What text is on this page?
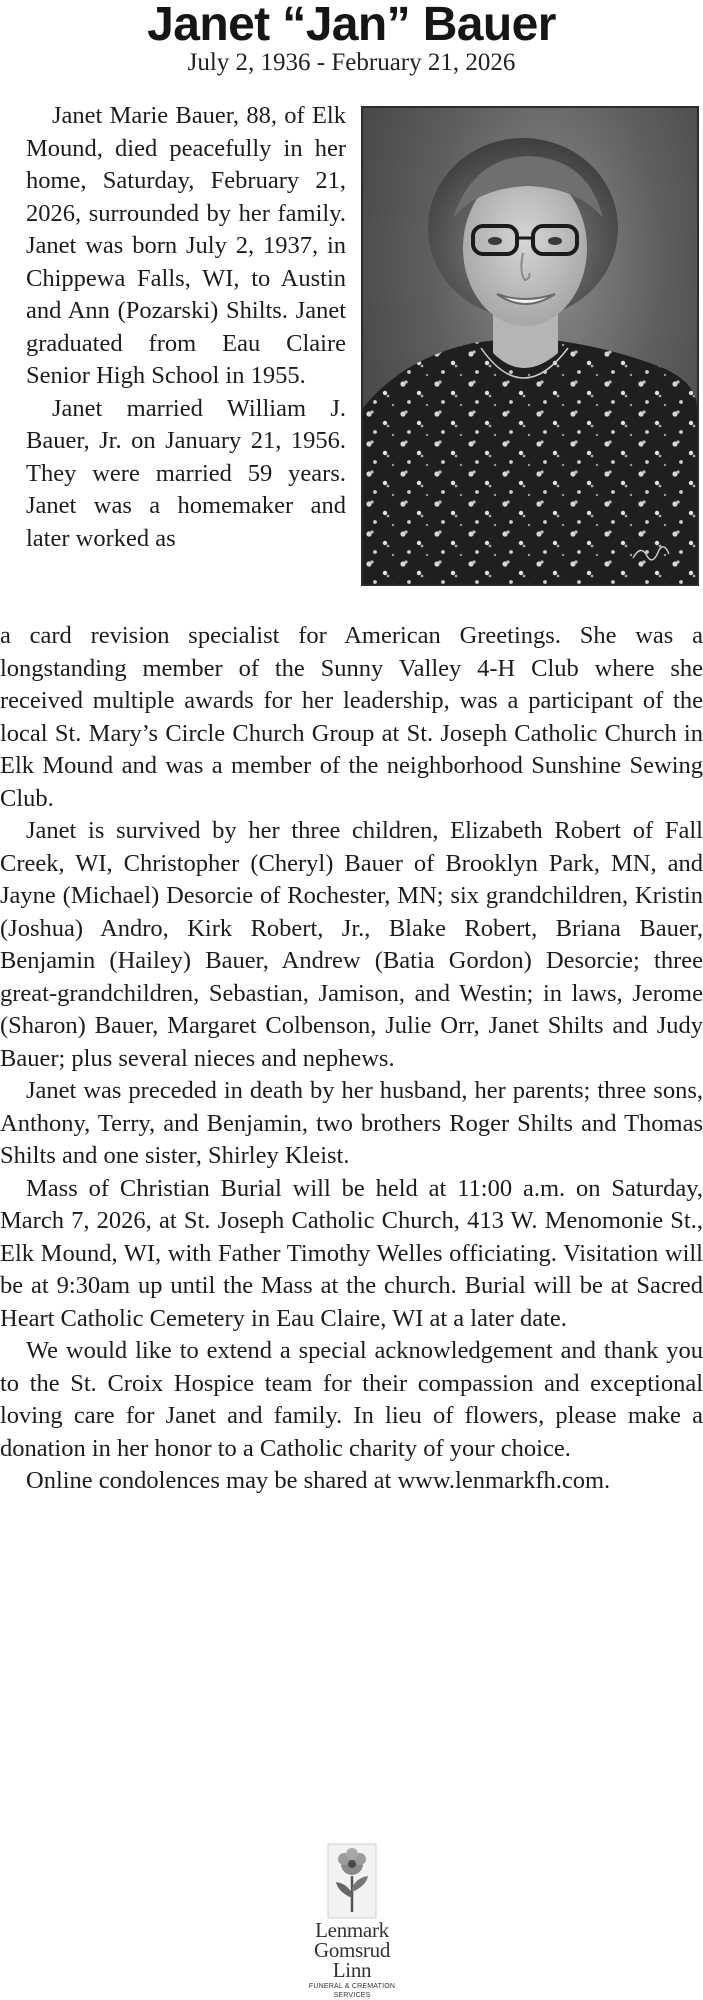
Janet “Jan” Bauer
July 2, 1936 - February 21, 2026

Janet Marie Bauer, 88, of Elk Mound, died peacefully in her home, Saturday, February 21, 2026, surrounded by her family. Janet was born July 2, 1937, in Chippewa Falls, WI, to Austin and Ann (Pozarski) Shilts. Janet graduated from Eau Claire Senior High School in 1955.

Janet married William J. Bauer, Jr. on January 21, 1956. They were married 59 years. Janet was a homemaker and later worked as

a card revision specialist for American Greetings. She was a longstanding member of the Sunny Valley 4-H Club where she received multiple awards for her leadership, was a participant of the local St. Mary’s Circle Church Group at St. Joseph Catholic Church in Elk Mound and was a member of the neighborhood Sunshine Sewing Club.

Janet is survived by her three children, Elizabeth Robert of Fall Creek, WI, Christopher (Cheryl) Bauer of Brooklyn Park, MN, and Jayne (Michael) Desorcie of Rochester, MN; six grandchildren, Kristin (Joshua) Andro, Kirk Robert, Jr., Blake Robert, Briana Bauer, Benjamin (Hailey) Bauer, Andrew (Batia Gordon) Desorcie; three great-grandchildren, Sebastian, Jamison, and Westin; in laws, Jerome (Sharon) Bauer, Margaret Colbenson, Julie Orr, Janet Shilts and Judy Bauer; plus several nieces and nephews.

Janet was preceded in death by her husband, her parents; three sons, Anthony, Terry, and Benjamin, two brothers Roger Shilts and Thomas Shilts and one sister, Shirley Kleist.

Mass of Christian Burial will be held at 11:00 a.m. on Saturday, March 7, 2026, at St. Joseph Catholic Church, 413 W. Menomonie St., Elk Mound, WI, with Father Timothy Welles officiating. Visitation will be at 9:30am up until the Mass at the church. Burial will be at Sacred Heart Catholic Cemetery in Eau Claire, WI at a later date.

We would like to extend a special acknowledgement and thank you to the St. Croix Hospice team for their compassion and exceptional loving care for Janet and family. In lieu of flowers, please make a donation in her honor to a Catholic charity of your choice.

Online condolences may be shared at www.lenmarkfh.com.

Lenmark
Gomsrud
Linn
FUNERAL & CREMATION
SERVICES
